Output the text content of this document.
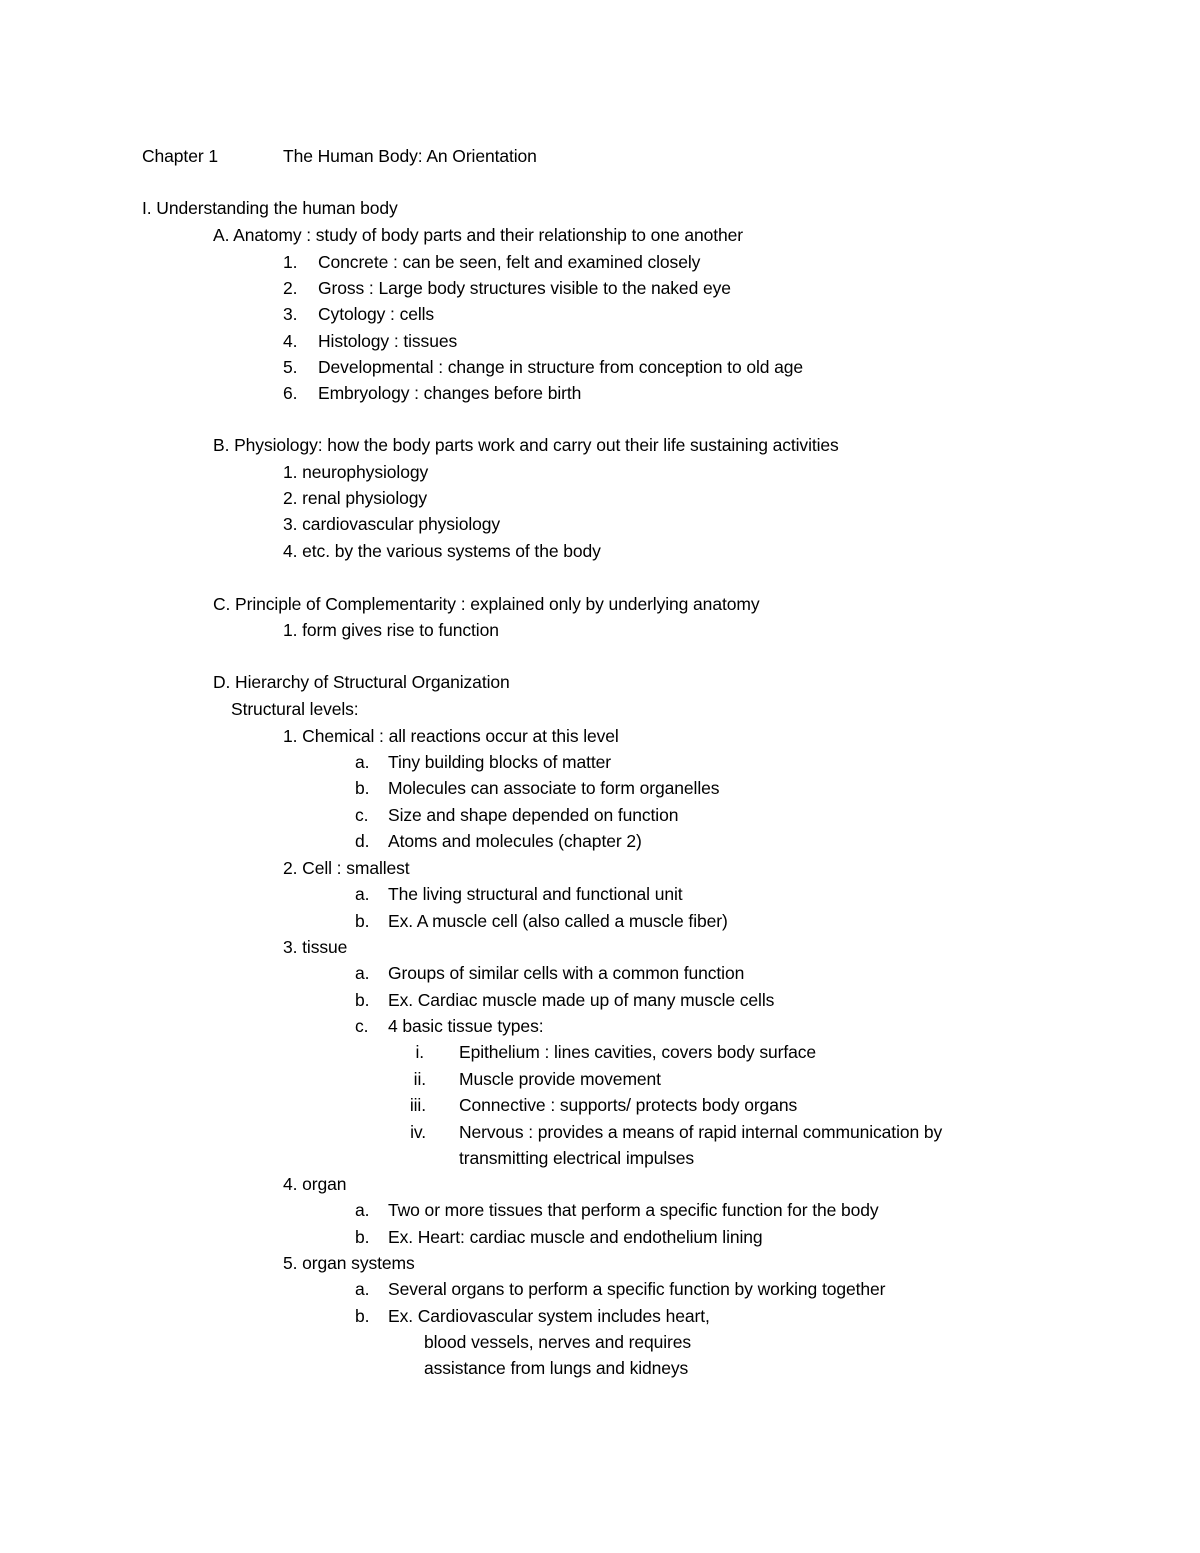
Chapter 1	The Human Body: An Orientation
I. Understanding the human body
A. Anatomy : study of body parts and their relationship to one another
1. Concrete : can be seen, felt and examined closely
2. Gross : Large body structures visible to the naked eye
3. Cytology : cells
4. Histology : tissues
5. Developmental : change in structure from conception to old age
6. Embryology : changes before birth
B. Physiology: how the body parts work and carry out their life sustaining activities
1. neurophysiology
2. renal physiology
3. cardiovascular physiology
4. etc. by the various systems of the body
C. Principle of Complementarity : explained only by underlying anatomy
1. form gives rise to function
D. Hierarchy of Structural Organization
Structural levels:
1. Chemical : all reactions occur at this level
a. Tiny building blocks of matter
b. Molecules can associate to form organelles
c. Size and shape depended on function
d. Atoms and molecules (chapter 2)
2. Cell : smallest
a. The living structural and functional unit
b. Ex. A muscle cell (also called a muscle fiber)
3. tissue
a. Groups of similar cells with a common function
b. Ex. Cardiac muscle made up of many muscle cells
c. 4 basic tissue types:
i. Epithelium : lines cavities, covers body surface
ii. Muscle provide movement
iii. Connective : supports/ protects body organs
iv. Nervous : provides a means of rapid internal communication by
transmitting electrical impulses
4. organ
a. Two or more tissues that perform a specific function for the body
b. Ex. Heart: cardiac muscle and endothelium lining
5. organ systems
a. Several organs to perform a specific function by working together
b. Ex. Cardiovascular system includes heart,
blood vessels, nerves and requires
assistance from lungs and kidneys
